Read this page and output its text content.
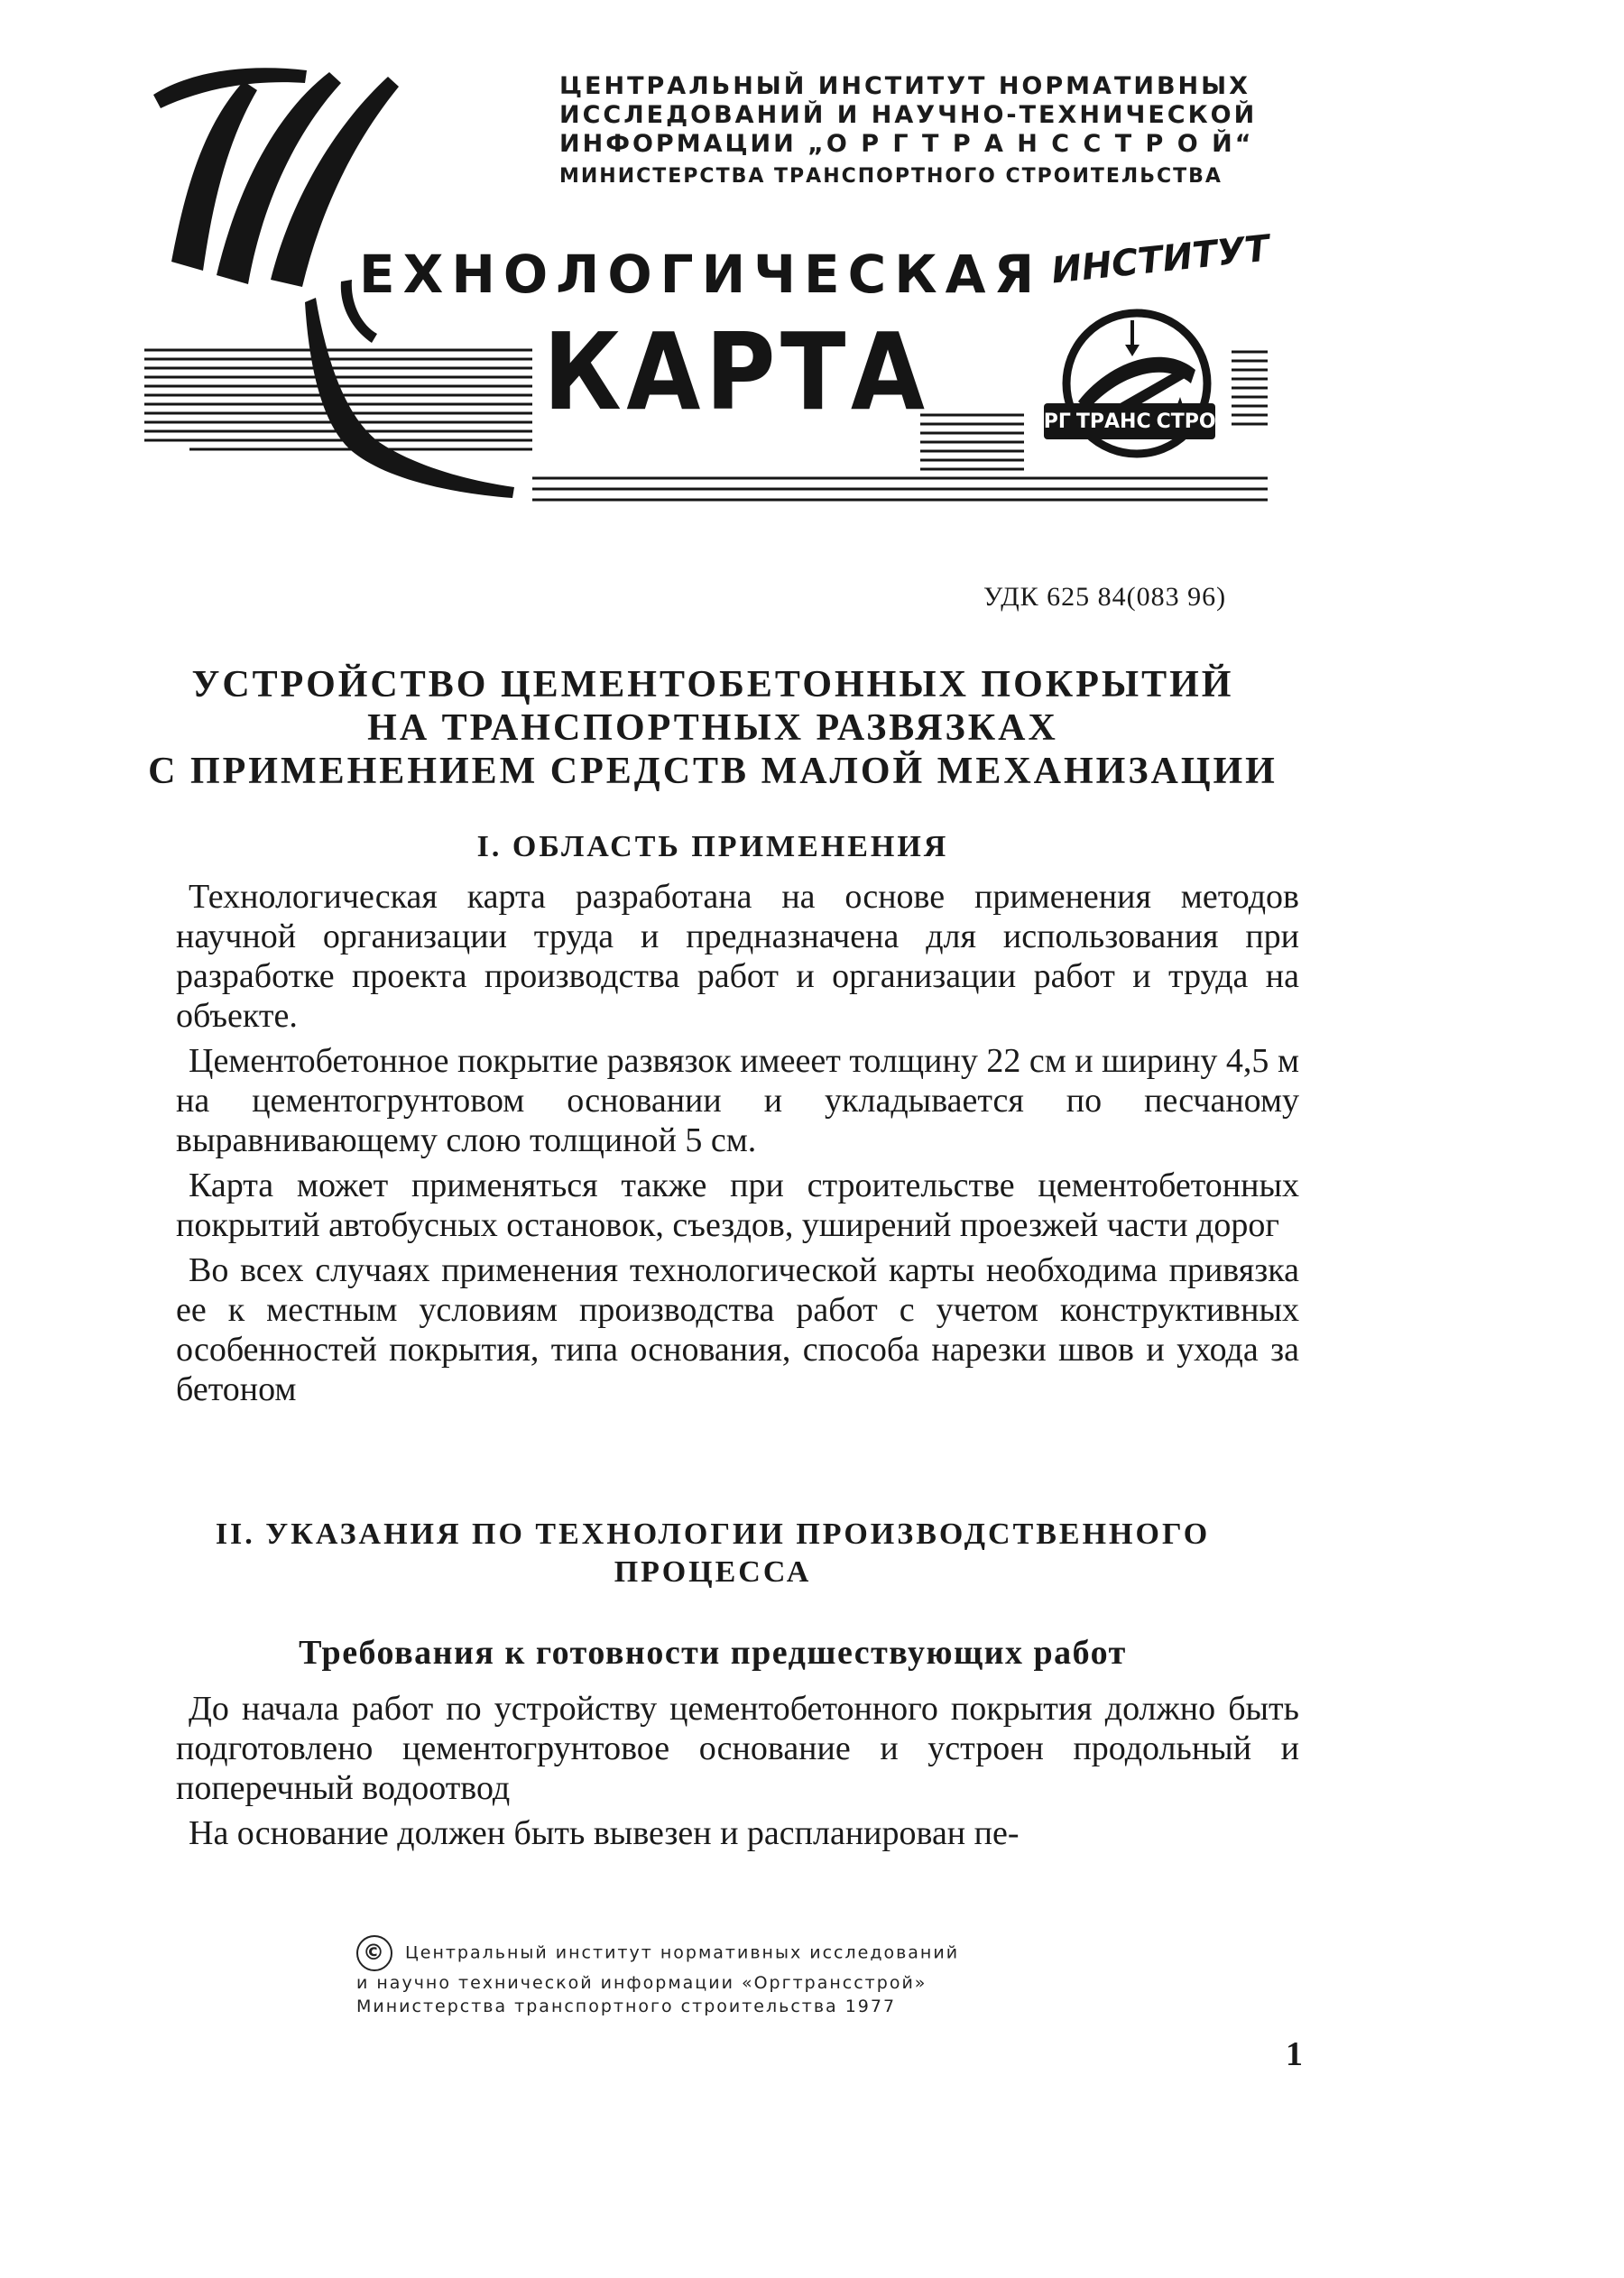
ЦЕНТРАЛЬНЫЙ ИНСТИТУТ НОРМАТИВНЫХ
ИССЛЕДОВАНИЙ И НАУЧНО-ТЕХНИЧЕСКОЙ
ИНФОРМАЦИИ „О Р Г Т Р А Н С С Т Р О Й“
МИНИСТЕРСТВА ТРАНСПОРТНОГО СТРОИТЕЛЬСТВА
ЕХНОЛОГИЧЕСКАЯ
КАРТА
ИНСТИТУТ
ОРГ ТРАНС СТРОЙ
УДК 625 84(083 96)
УСТРОЙСТВО ЦЕМЕНТОБЕТОННЫХ ПОКРЫТИЙ
НА ТРАНСПОРТНЫХ РАЗВЯЗКАХ
С ПРИМЕНЕНИЕМ СРЕДСТВ МАЛОЙ МЕХАНИЗАЦИИ
I. ОБЛАСТЬ ПРИМЕНЕНИЯ

Технологическая карта разработана на основе применения методов научной организации труда и предназначена для использования при разработке проекта производства работ и организации работ и труда на объекте.

Цементобетонное покрытие развязок имееет толщину 22 см и ширину 4,5 м на цементогрунтовом основании и укладывается по песчаному выравнивающему слою толщиной 5 см.

Карта может применяться также при строительстве цементобетонных покрытий автобусных остановок, съездов, уширений проезжей части дорог

Во всех случаях применения технологической карты необходима привязка ее к местным условиям производства работ с учетом конструктивных особенностей покрытия, типа основания, способа нарезки швов и ухода за бетоном

II. УКАЗАНИЯ ПО ТЕХНОЛОГИИ ПРОИЗВОДСТВЕННОГО
ПРОЦЕССА
Требования к готовности предшествующих работ

До начала работ по устройству цементобетонного покрытия должно быть подготовлено цементогрунтовое основание и устроен продольный и поперечный водоотвод

На основание должен быть вывезен и распланирован пе-

© Центральный институт нормативных исследований
и научно технической информации «Оргтрансстрой»
Министерства транспортного строительства 1977
1
